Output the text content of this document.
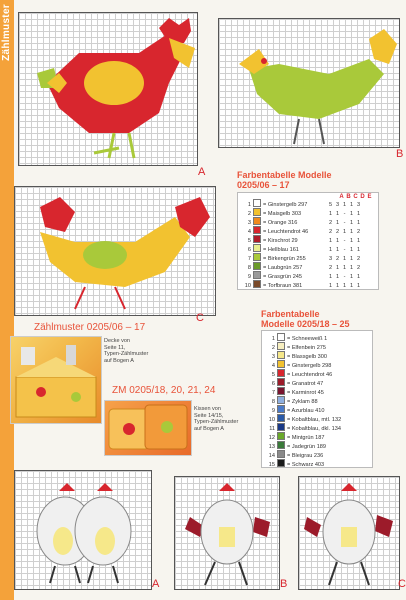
Zählmuster
A
B
C
Farbentabelle Modelle
0205/06 – 17
A B C D E
1 = Ginstergelb 297	5 3 1 1 3
2 = Maisgelb 303	1 1 - 1 1
3 = Orange 316	2 1 - 1 1
4 = Leuchtendrot 46	2 2 1 1 2
5 = Kirschrot 29	1 1 - 1 1
6 = Hellblau 161	1 1 - 1 1
7 = Birkengrün 255	3 2 1 1 2
8 = Laubgrün 257	2 1 1 1 2
9 = Grasgrün 245	1 1 - 1 1
10 = Torfbraun 381	1 1 1 1 1
Zählmuster 0205/06 – 17
Decke von
Seite 11,
Typen-Zählmuster
auf Bogen A
ZM 0205/18, 20, 21, 24
Kissen von
Seite 14/15,
Typen-Zählmuster
auf Bogen A
Farbentabelle
Modelle 0205/18 – 25
1 = Schneeweiß 1
2 = Elfenbein 275
3 = Blassgelb 300
4 = Ginstergelb 298
5 = Leuchtendrot 46
6 = Granatrot 47
7 = Karminrot 45
8 = Zyklam 88
9 = Azurblau 410
10 = Kobaltblau, mtl. 132
11 = Kobaltblau, dkl. 134
12 = Mintgrün 187
13 = Jadegrün 189
14 = Bleigrau 236
15 = Schwarz 403
A	B	C
